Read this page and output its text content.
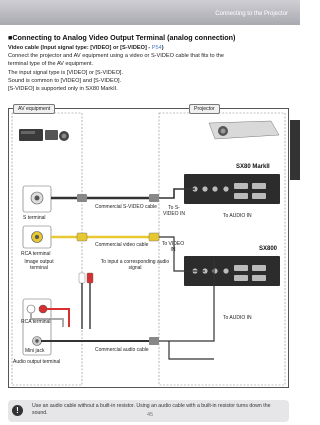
Connecting to the Projector
Projecting an Image
■Connecting to Analog Video Output Terminal (analog connection)
Video cable (Input signal type: [VIDEO] or [S-VIDEO] - P54)
Connect the projector and AV equipment using a video or S-VIDEO cable that fits to the
terminal type of the AV equipment.
The input signal type is [VIDEO] or [S-VIDEO].
Sound is common to [VIDEO] and [S-VIDEO].
[S-VIDEO] is supported only in SX80 MarkII.
AV equipment	Projector
SX80 MarkII
SX800
S terminal
RCA terminal
Image output terminal
RCA terminal
Mini jack
Audio output terminal
Commercial S-VIDEO cable
Commercial video cable
Commercial audio cable
To input a corresponding audio signal
To S-VIDEO IN
To VIDEO IN
To AUDIO IN
To AUDIO IN
!	Use an audio cable without a built-in resistor. Using an audio cable with a built-in resistor turns down the sound.	45
